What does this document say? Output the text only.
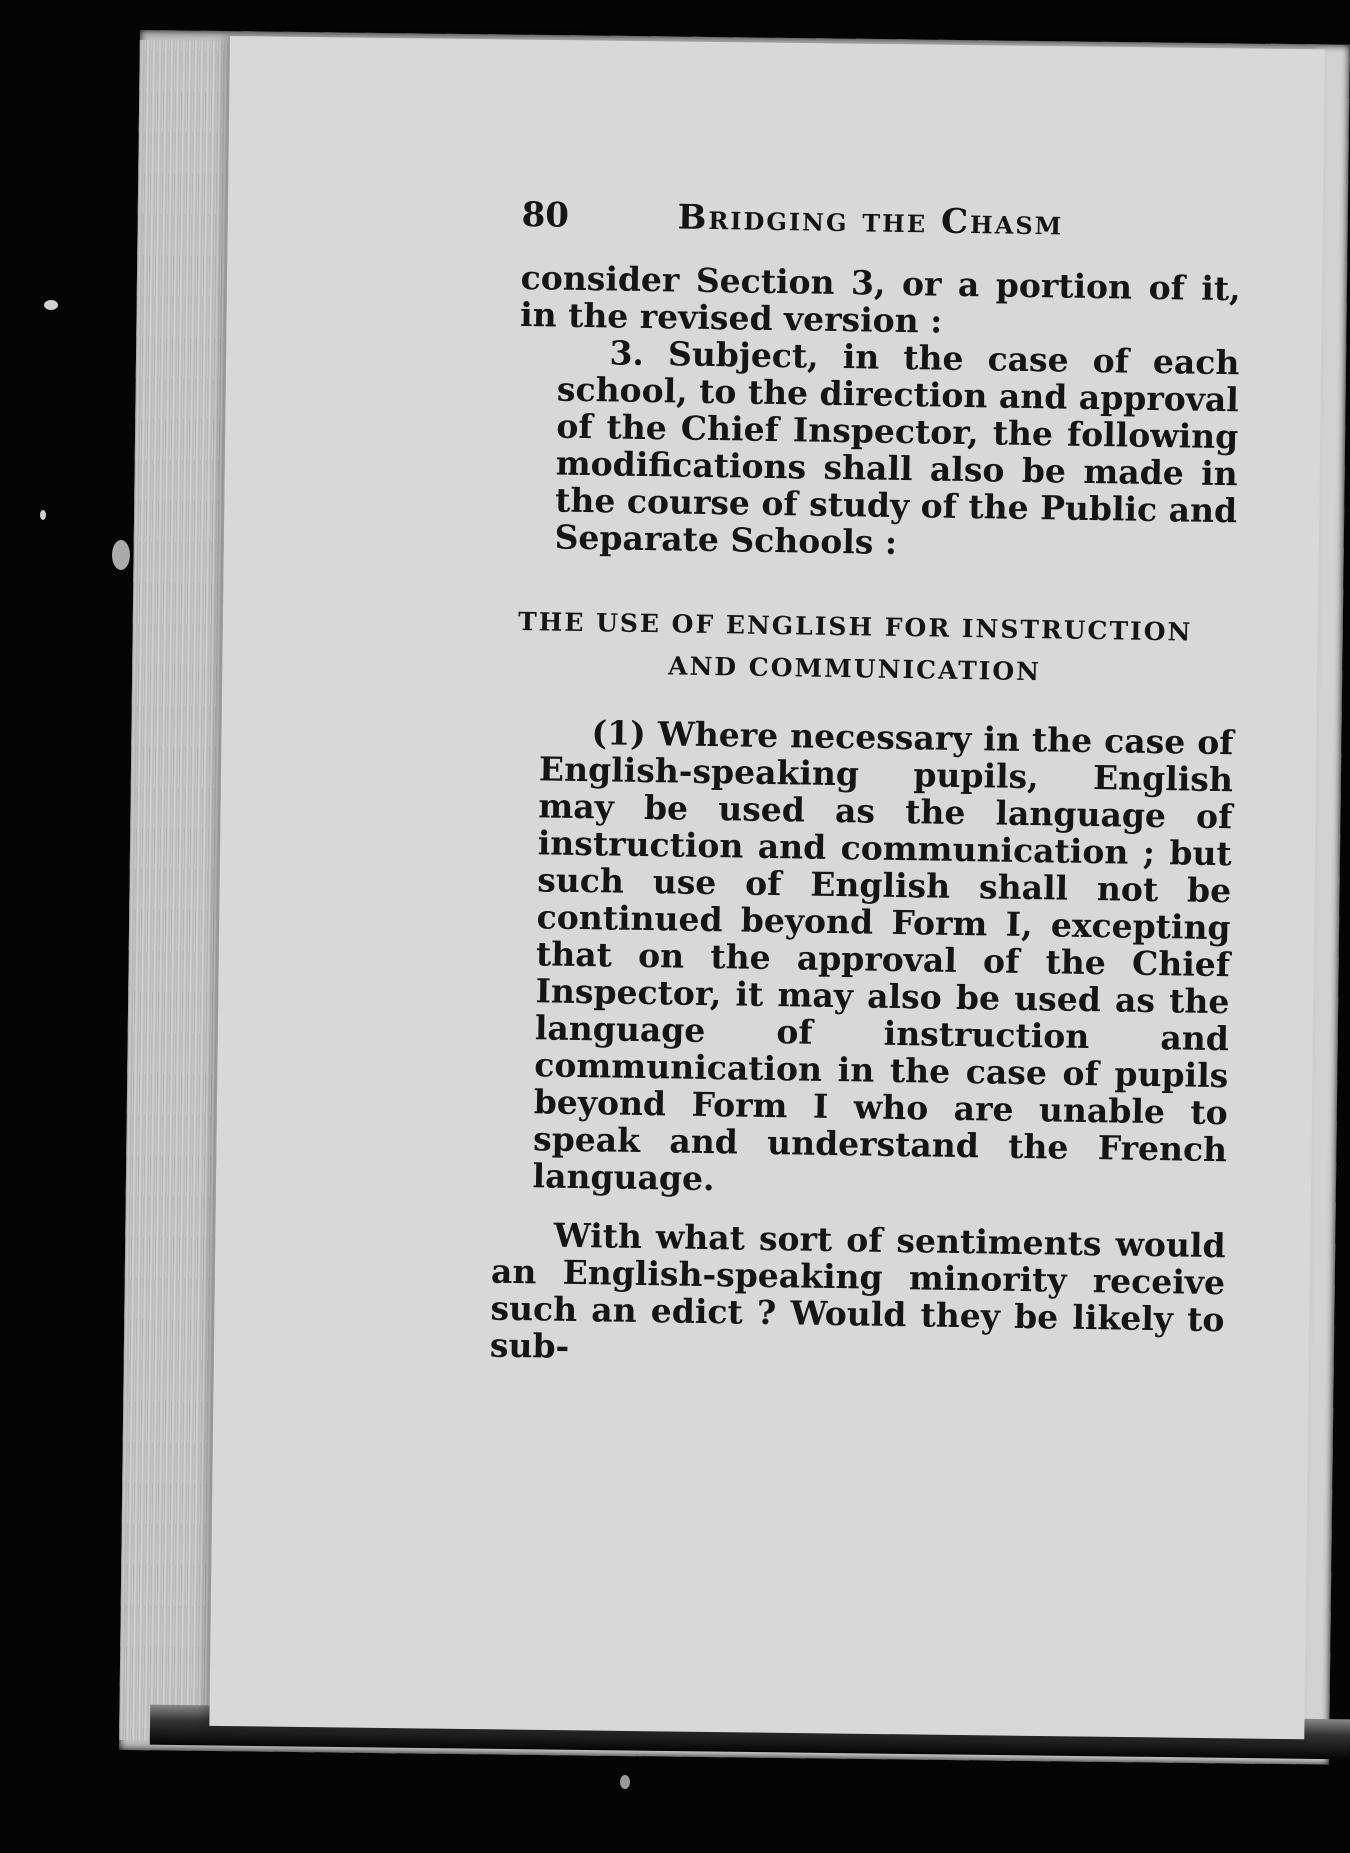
80	Bridging the Chasm

consider Section 3, or a portion of it, in the revised version :

3. Subject, in the case of each school, to the direction and approval of the Chief Inspector, the following modifications shall also be made in the course of study of the Public and Separate Schools :

THE USE OF ENGLISH FOR INSTRUCTION
AND COMMUNICATION

(1) Where necessary in the case of English-speaking pupils, English may be used as the language of instruction and communication ; but such use of English shall not be continued beyond Form I, excepting that on the approval of the Chief Inspector, it may also be used as the language of instruction and communication in the case of pupils beyond Form I who are unable to speak and understand the French language.

With what sort of sentiments would an English-speaking minority receive such an edict ? Would they be likely to sub-
